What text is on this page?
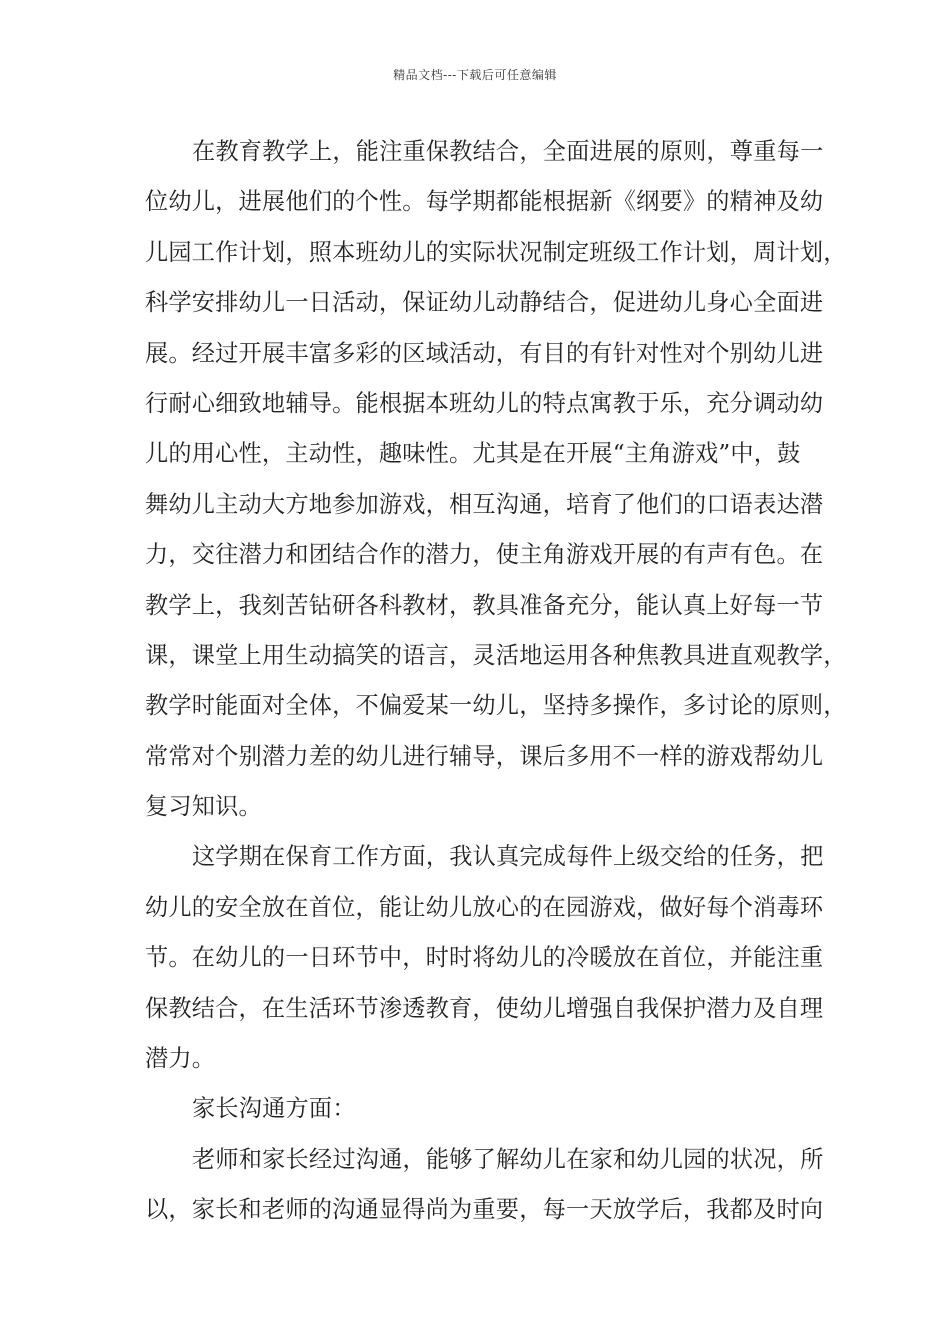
精品文档---下载后可任意编辑
在教育教学上，能注重保教结合，全面进展的原则，尊重每一
位幼儿，进展他们的个性。每学期都能根据新《纲要》的精神及幼
儿园工作计划，照本班幼儿的实际状况制定班级工作计划，周计划，
科学安排幼儿一日活动，保证幼儿动静结合，促进幼儿身心全面进
展。经过开展丰富多彩的区域活动，有目的有针对性对个别幼儿进
行耐心细致地辅导。能根据本班幼儿的特点寓教于乐，充分调动幼
儿的用心性，主动性，趣味性。尤其是在开展“主角游戏”中，鼓
舞幼儿主动大方地参加游戏，相互沟通，培育了他们的口语表达潜
力，交往潜力和团结合作的潜力，使主角游戏开展的有声有色。在
教学上，我刻苦钻研各科教材，教具准备充分，能认真上好每一节
课，课堂上用生动搞笑的语言，灵活地运用各种焦教具进直观教学，
教学时能面对全体，不偏爱某一幼儿，坚持多操作，多讨论的原则，
常常对个别潜力差的幼儿进行辅导，课后多用不一样的游戏帮幼儿
复习知识。
这学期在保育工作方面，我认真完成每件上级交给的任务，把
幼儿的安全放在首位，能让幼儿放心的在园游戏，做好每个消毒环
节。在幼儿的一日环节中，时时将幼儿的冷暖放在首位，并能注重
保教结合，在生活环节渗透教育，使幼儿增强自我保护潜力及自理
潜力。
家长沟通方面：
老师和家长经过沟通，能够了解幼儿在家和幼儿园的状况，所
以，家长和老师的沟通显得尚为重要，每一天放学后，我都及时向
